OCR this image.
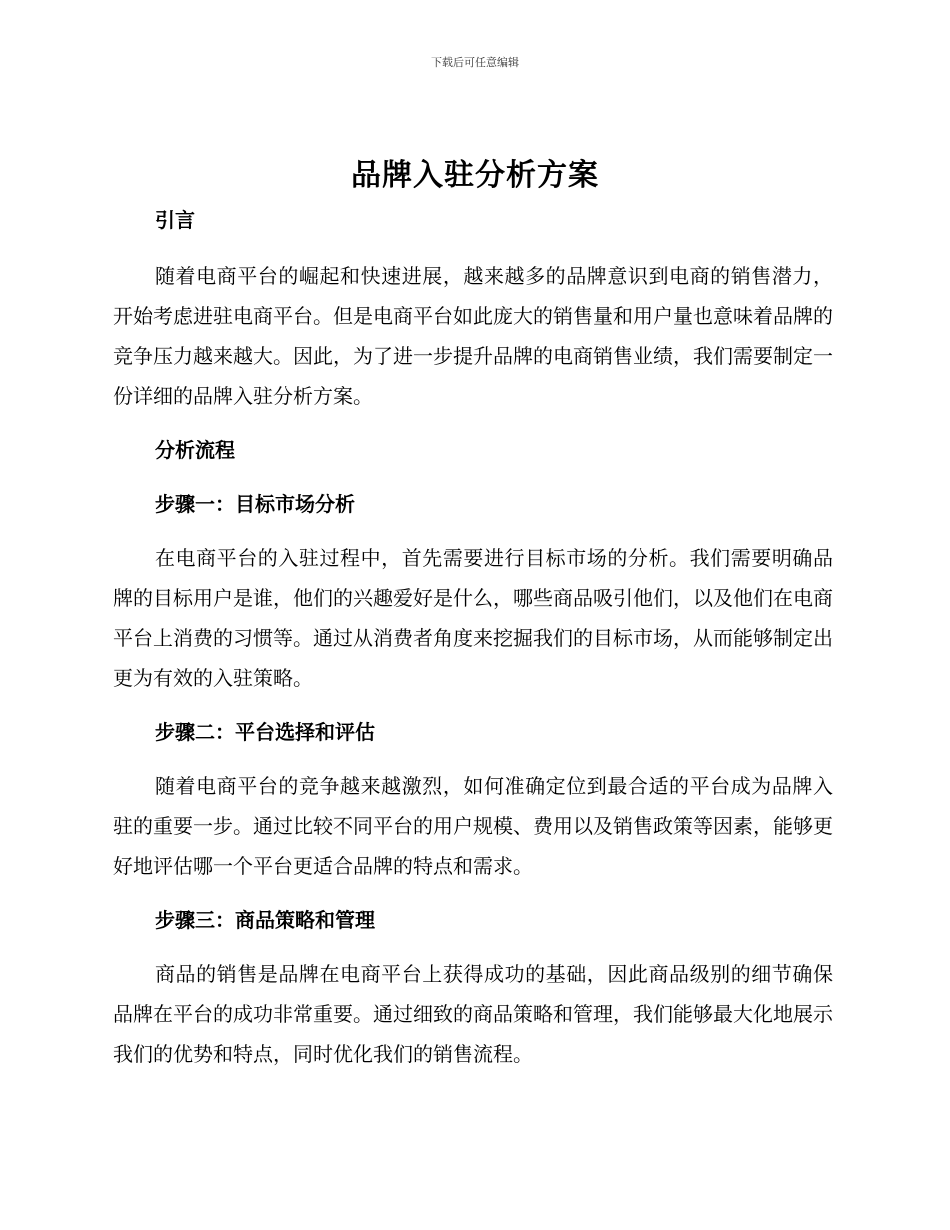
下载后可任意编辑
品牌入驻分析方案

引言

随着电商平台的崛起和快速进展，越来越多的品牌意识到电商的销售潜力，开始考虑进驻电商平台。但是电商平台如此庞大的销售量和用户量也意味着品牌的竞争压力越来越大。因此，为了进一步提升品牌的电商销售业绩，我们需要制定一份详细的品牌入驻分析方案。

分析流程

步骤一：目标市场分析

在电商平台的入驻过程中，首先需要进行目标市场的分析。我们需要明确品牌的目标用户是谁，他们的兴趣爱好是什么，哪些商品吸引他们，以及他们在电商平台上消费的习惯等。通过从消费者角度来挖掘我们的目标市场，从而能够制定出更为有效的入驻策略。

步骤二：平台选择和评估

随着电商平台的竞争越来越激烈，如何准确定位到最合适的平台成为品牌入驻的重要一步。通过比较不同平台的用户规模、费用以及销售政策等因素，能够更好地评估哪一个平台更适合品牌的特点和需求。

步骤三：商品策略和管理

商品的销售是品牌在电商平台上获得成功的基础，因此商品级别的细节确保品牌在平台的成功非常重要。通过细致的商品策略和管理，我们能够最大化地展示我们的优势和特点，同时优化我们的销售流程。
